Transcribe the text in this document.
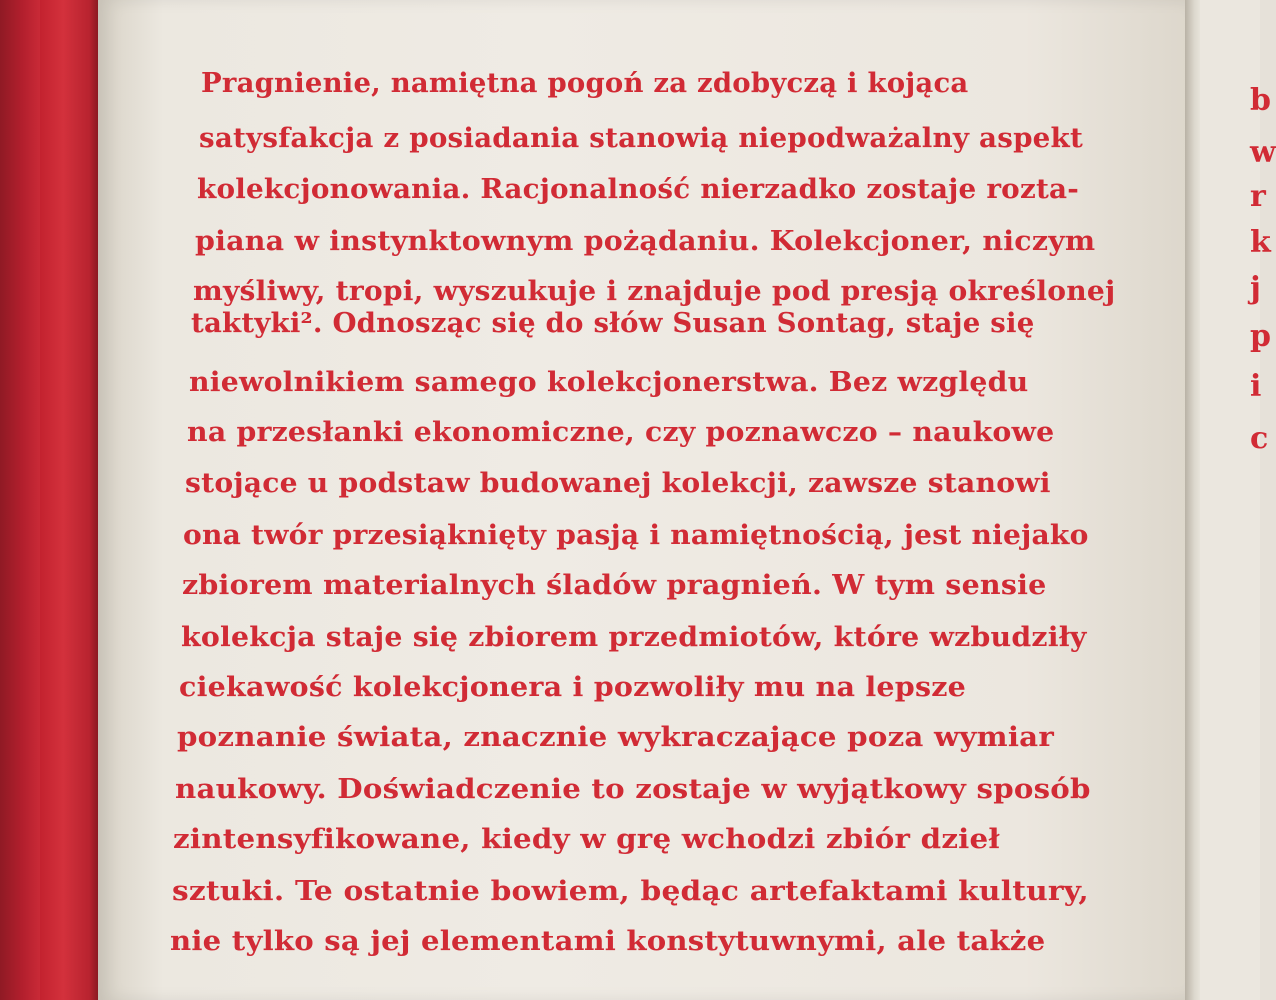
b
w
r
k
j
p
i
c
Pragnienie, namiętna pogoń za zdobyczą i kojąca
satysfakcja z posiadania stanowią niepodważalny aspekt
kolekcjonowania. Racjonalność nierzadko zostaje rozta-
piana w instynktownym pożądaniu. Kolekcjoner, niczym
myśliwy, tropi, wyszukuje i znajduje pod presją określonej
taktyki². Odnosząc się do słów Susan Sontag, staje się
niewolnikiem samego kolekcjonerstwa. Bez względu
na przesłanki ekonomiczne, czy poznawczo – naukowe
stojące u podstaw budowanej kolekcji, zawsze stanowi
ona twór przesiąknięty pasją i namiętnością, jest niejako
zbiorem materialnych śladów pragnień. W tym sensie
kolekcja staje się zbiorem przedmiotów, które wzbudziły
ciekawość kolekcjonera i pozwoliły mu na lepsze
poznanie świata, znacznie wykraczające poza wymiar
naukowy. Doświadczenie to zostaje w wyjątkowy sposób
zintensyfikowane, kiedy w grę wchodzi zbiór dzieł
sztuki. Te ostatnie bowiem, będąc artefaktami kultury,
nie tylko są jej elementami konstytuwnymi, ale także
